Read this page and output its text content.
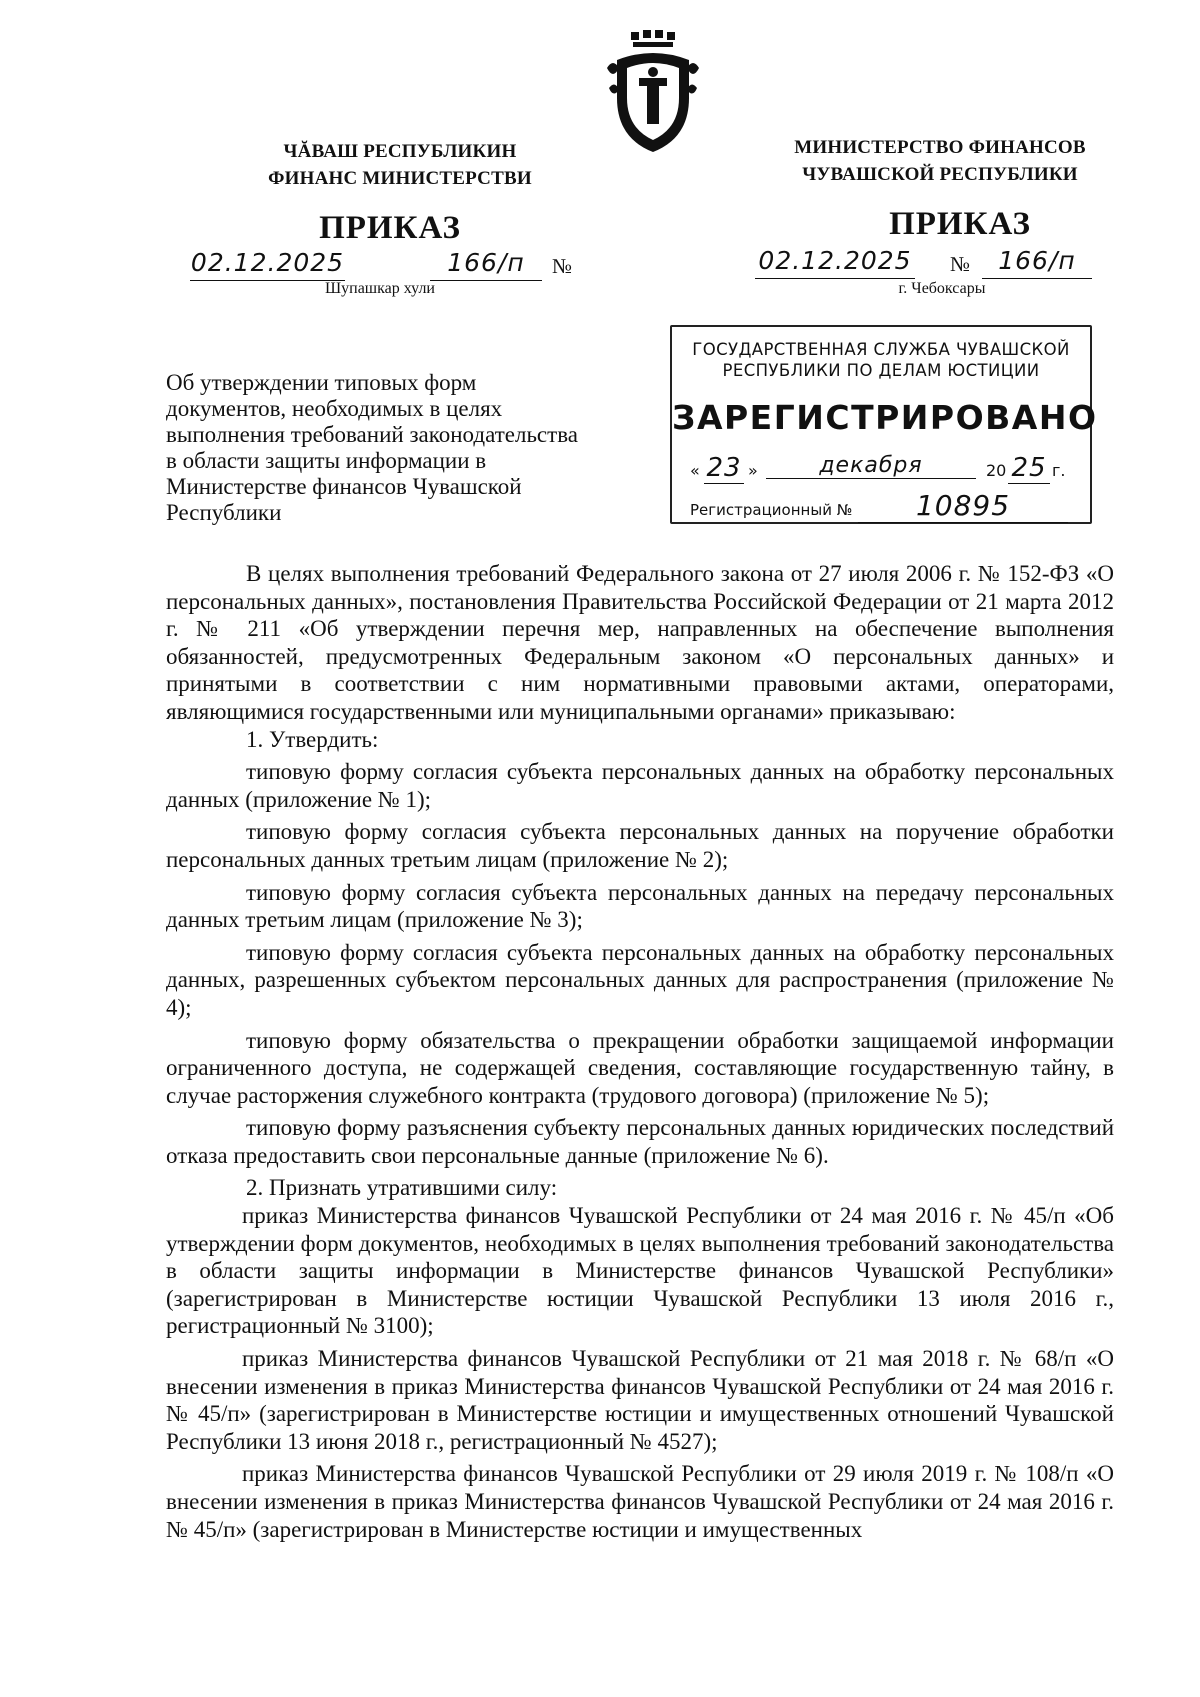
ЧĂВАШ РЕСПУБЛИКИН
ФИНАНС МИНИСТЕРСТВИ
МИНИСТЕРСТВО ФИНАНСОВ
ЧУВАШСКОЙ РЕСПУБЛИКИ
ПРИКАЗ	ПРИКАЗ
02.12.2025	166/п	№
Шупашкар хули
02.12.2025 №	166/п
г. Чебоксары
Об утверждении типовых форм документов, необходимых в целях выполнения требований законодательства в области защиты информации в Министерстве финансов Чувашской Республики
ГОСУДАРСТВЕННАЯ СЛУЖБА ЧУВАШСКОЙ
РЕСПУБЛИКИ ПО ДЕЛАМ ЮСТИЦИИ
ЗАРЕГИСТРИРОВАНО
« 23 »	декабря	20 25 г.
Регистрационный №	10895

В целях выполнения требований Федерального закона от 27 июля 2006 г. № 152-ФЗ «О персональных данных», постановления Правительства Российской Федерации от 21 марта 2012 г. № 211 «Об утверждении перечня мер, направленных на обеспечение выполнения обязанностей, предусмотренных Федеральным законом «О персональных данных» и принятыми в соответствии с ним нормативными правовыми актами, операторами, являющимися государственными или муниципальными органами» приказываю:

1. Утвердить:

типовую форму согласия субъекта персональных данных на обработку персональных данных (приложение № 1);

типовую форму согласия субъекта персональных данных на поручение обработки персональных данных третьим лицам (приложение № 2);

типовую форму согласия субъекта персональных данных на передачу персональных данных третьим лицам (приложение № 3);

типовую форму согласия субъекта персональных данных на обработку персональных данных, разрешенных субъектом персональных данных для распространения (приложение № 4);

типовую форму обязательства о прекращении обработки защищаемой информации ограниченного доступа, не содержащей сведения, составляющие государственную тайну, в случае расторжения служебного контракта (трудового договора) (приложение № 5);

типовую форму разъяснения субъекту персональных данных юридических последствий отказа предоставить свои персональные данные (приложение № 6).

2. Признать утратившими силу:

приказ Министерства финансов Чувашской Республики от 24 мая 2016 г. № 45/п «Об утверждении форм документов, необходимых в целях выполнения требований законодательства в области защиты информации в Министерстве финансов Чувашской Республики» (зарегистрирован в Министерстве юстиции Чувашской Республики 13 июля 2016 г., регистрационный № 3100);

приказ Министерства финансов Чувашской Республики от 21 мая 2018 г. № 68/п «О внесении изменения в приказ Министерства финансов Чувашской Республики от 24 мая 2016 г. № 45/п» (зарегистрирован в Министерстве юстиции и имущественных отношений Чувашской Республики 13 июня 2018 г., регистрационный № 4527);

приказ Министерства финансов Чувашской Республики от 29 июля 2019 г. № 108/п «О внесении изменения в приказ Министерства финансов Чувашской Республики от 24 мая 2016 г. № 45/п» (зарегистрирован в Министерстве юстиции и имущественных
